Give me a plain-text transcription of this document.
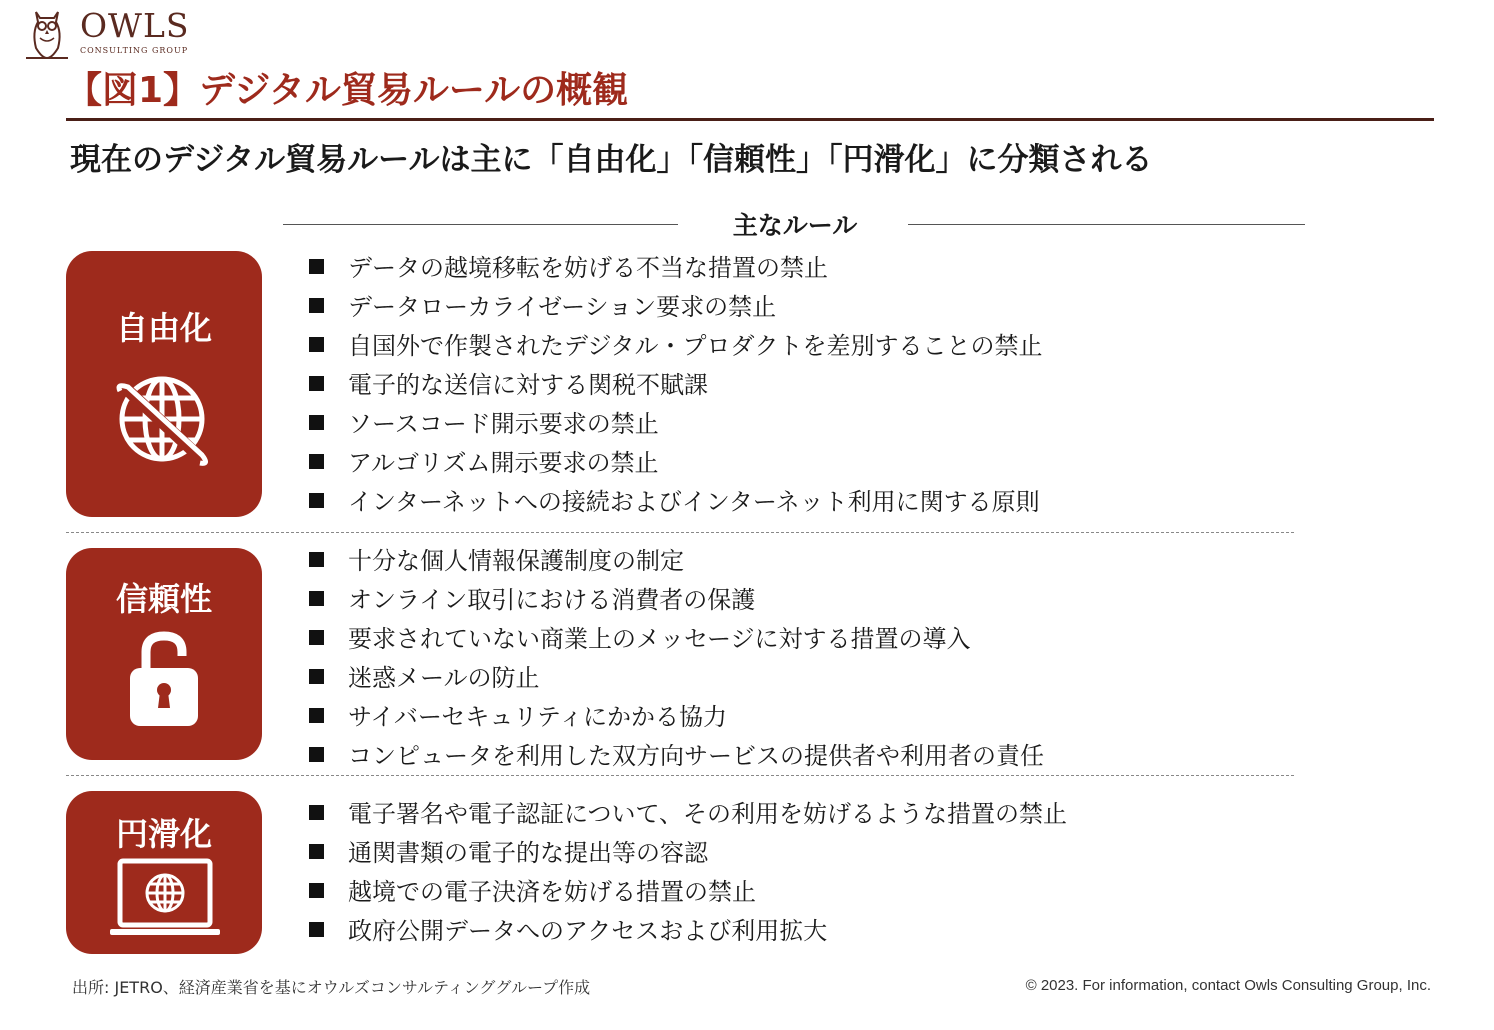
OWLS
CONSULTING GROUP
【図1】デジタル貿易ルールの概観
現在のデジタル貿易ルールは主に「自由化」「信頼性」「円滑化」に分類される
主なルール
自由化
データの越境移転を妨げる不当な措置の禁止
データローカライゼーション要求の禁止
自国外で作製されたデジタル・プロダクトを差別することの禁止
電子的な送信に対する関税不賦課
ソースコード開示要求の禁止
アルゴリズム開示要求の禁止
インターネットへの接続およびインターネット利用に関する原則
信頼性
十分な個人情報保護制度の制定
オンライン取引における消費者の保護
要求されていない商業上のメッセージに対する措置の導入
迷惑メールの防止
サイバーセキュリティにかかる協力
コンピュータを利用した双方向サービスの提供者や利用者の責任
円滑化
電子署名や電子認証について、その利用を妨げるような措置の禁止
通関書類の電子的な提出等の容認
越境での電子決済を妨げる措置の禁止
政府公開データへのアクセスおよび利用拡大
出所: JETRO、経済産業省を基にオウルズコンサルティンググループ作成	© 2023. For information, contact Owls Consulting Group, Inc.
